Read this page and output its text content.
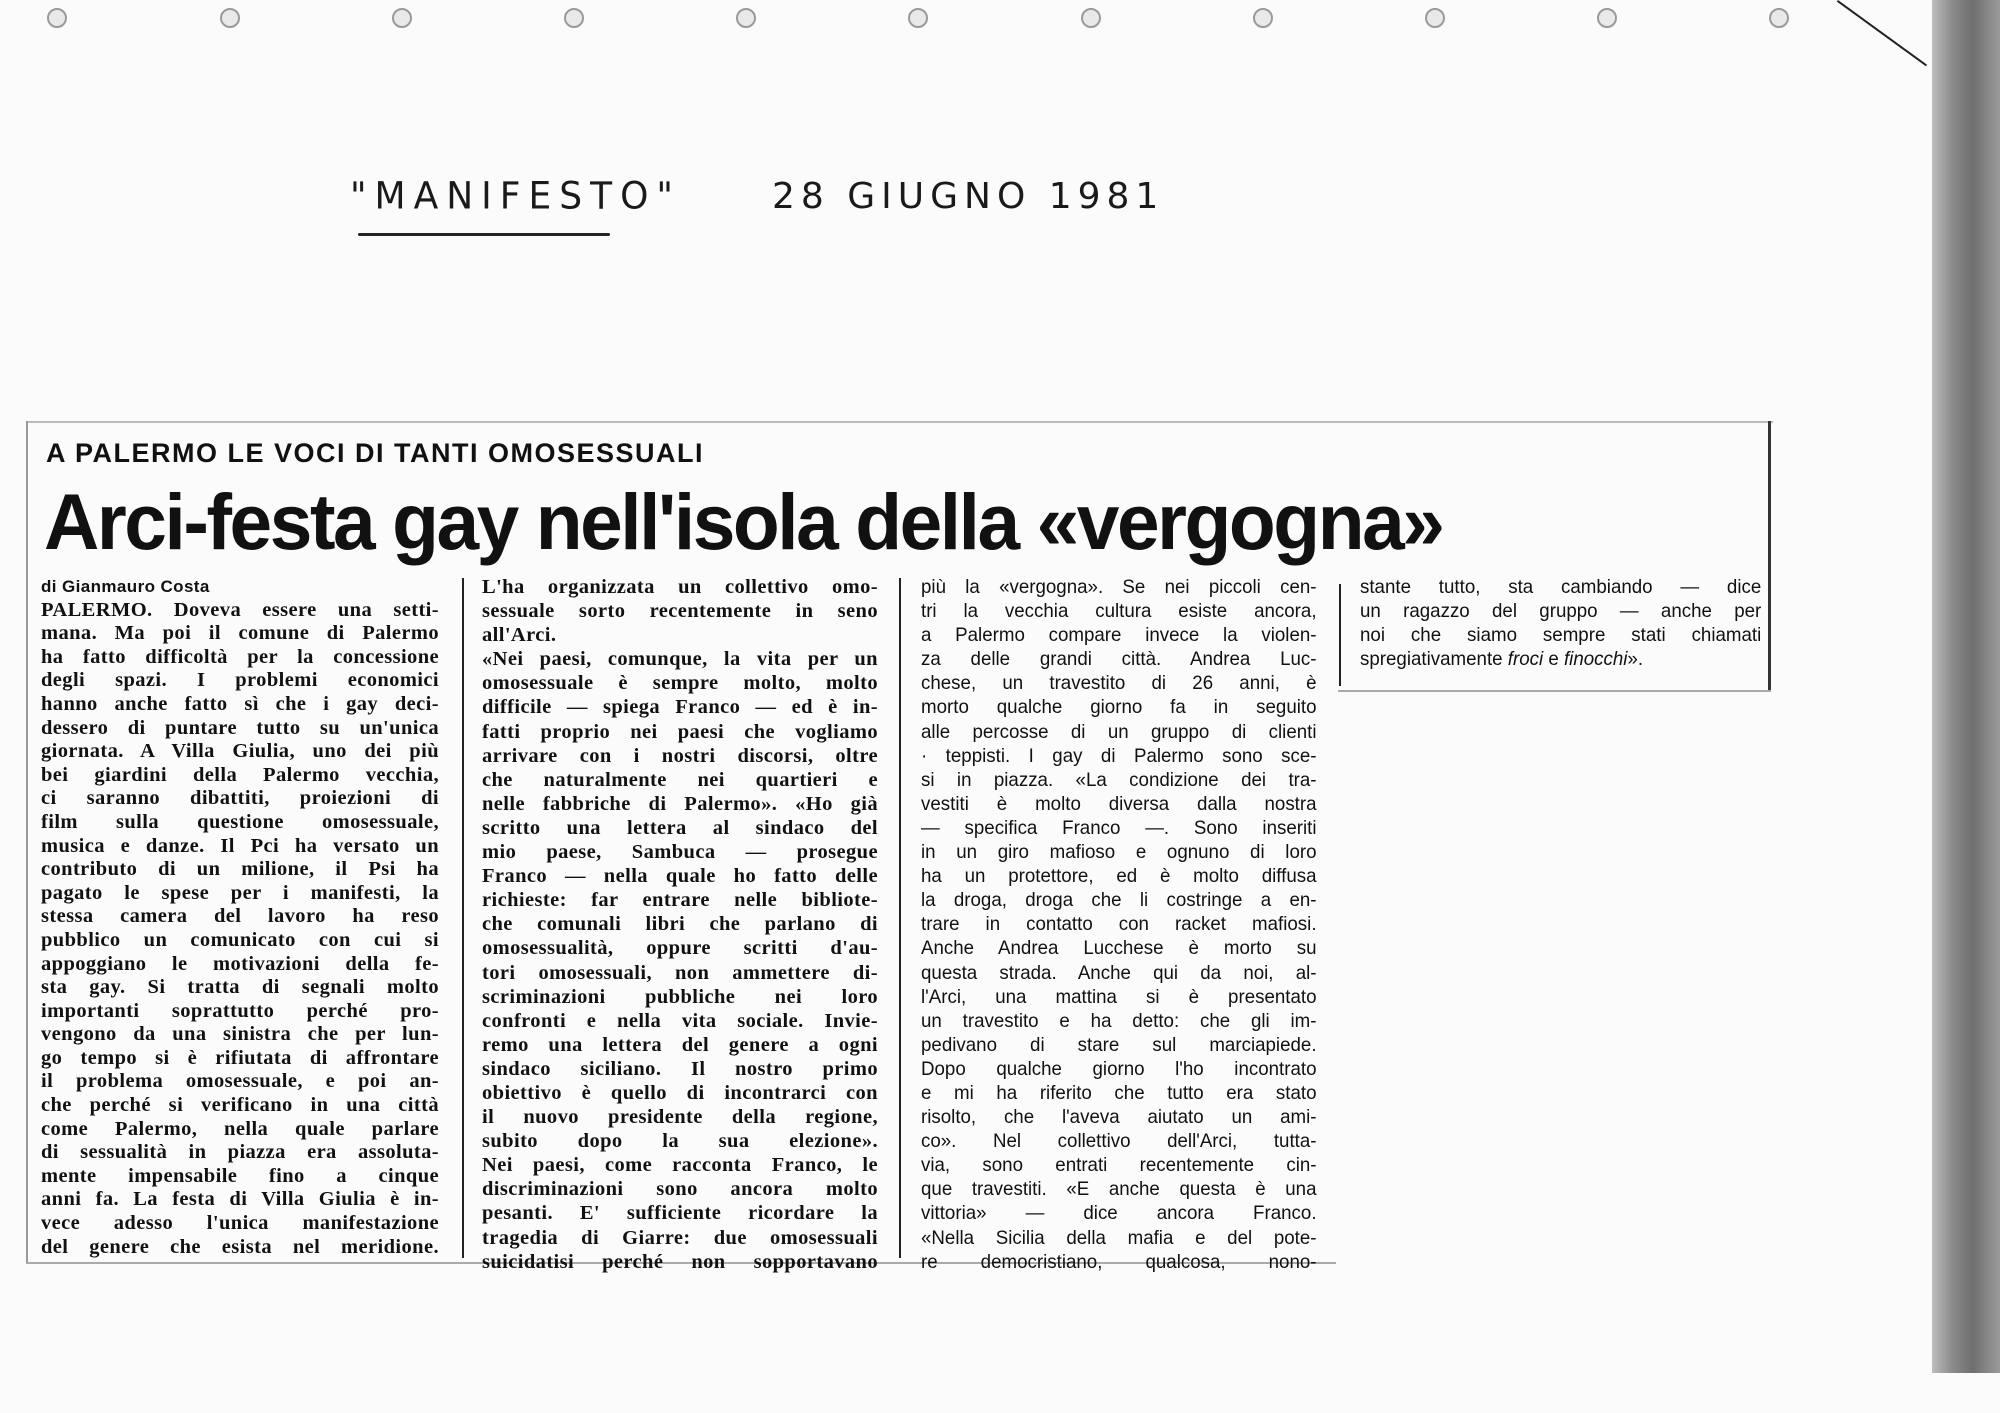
"MANIFESTO"	28 GIUGNO 1981
A PALERMO LE VOCI DI TANTI OMOSESSUALI
Arci-festa gay nell'isola della «vergogna»
di Gianmauro Costa
PALERMO. Doveva essere una setti-
mana. Ma poi il comune di Palermo
ha fatto difficoltà per la concessione
degli spazi. I problemi economici
hanno anche fatto sì che i gay deci-
dessero di puntare tutto su un'unica
giornata. A Villa Giulia, uno dei più
bei giardini della Palermo vecchia,
ci saranno dibattiti, proiezioni di
film sulla questione omosessuale,
musica e danze. Il Pci ha versato un
contributo di un milione, il Psi ha
pagato le spese per i manifesti, la
stessa camera del lavoro ha reso
pubblico un comunicato con cui si
appoggiano le motivazioni della fe-
sta gay. Si tratta di segnali molto
importanti soprattutto perché pro-
vengono da una sinistra che per lun-
go tempo si è rifiutata di affrontare
il problema omosessuale, e poi an-
che perché si verificano in una città
come Palermo, nella quale parlare
di sessualità in piazza era assoluta-
mente impensabile fino a cinque
anni fa. La festa di Villa Giulia è in-
vece adesso l'unica manifestazione
del genere che esista nel meridione.
L'ha organizzata un collettivo omo-
sessuale sorto recentemente in seno
all'Arci.
«Nei paesi, comunque, la vita per un
omosessuale è sempre molto, molto
difficile — spiega Franco — ed è in-
fatti proprio nei paesi che vogliamo
arrivare con i nostri discorsi, oltre
che naturalmente nei quartieri e
nelle fabbriche di Palermo». «Ho già
scritto una lettera al sindaco del
mio paese, Sambuca — prosegue
Franco — nella quale ho fatto delle
richieste: far entrare nelle bibliote-
che comunali libri che parlano di
omosessualità, oppure scritti d'au-
tori omosessuali, non ammettere di-
scriminazioni pubbliche nei loro
confronti e nella vita sociale. Invie-
remo una lettera del genere a ogni
sindaco siciliano. Il nostro primo
obiettivo è quello di incontrarci con
il nuovo presidente della regione,
subito dopo la sua elezione».
Nei paesi, come racconta Franco, le
discriminazioni sono ancora molto
pesanti. E' sufficiente ricordare la
tragedia di Giarre: due omosessuali
suicidatisi perché non sopportavano
più la «vergogna». Se nei piccoli cen-
tri la vecchia cultura esiste ancora,
a Palermo compare invece la violen-
za delle grandi città. Andrea Luc-
chese, un travestito di 26 anni, è
morto qualche giorno fa in seguito
alle percosse di un gruppo di clienti
· teppisti. I gay di Palermo sono sce-
si in piazza. «La condizione dei tra-
vestiti è molto diversa dalla nostra
— specifica Franco —. Sono inseriti
in un giro mafioso e ognuno di loro
ha un protettore, ed è molto diffusa
la droga, droga che li costringe a en-
trare in contatto con racket mafiosi.
Anche Andrea Lucchese è morto su
questa strada. Anche qui da noi, al-
l'Arci, una mattina si è presentato
un travestito e ha detto: che gli im-
pedivano di stare sul marciapiede.
Dopo qualche giorno l'ho incontrato
e mi ha riferito che tutto era stato
risolto, che l'aveva aiutato un ami-
co». Nel collettivo dell'Arci, tutta-
via, sono entrati recentemente cin-
que travestiti. «E anche questa è una
vittoria» — dice ancora Franco.
«Nella Sicilia della mafia e del pote-
re democristiano, qualcosa, nono-
stante tutto, sta cambiando — dice
un ragazzo del gruppo — anche per
noi che siamo sempre stati chiamati
spregiativamente froci e finocchi».
